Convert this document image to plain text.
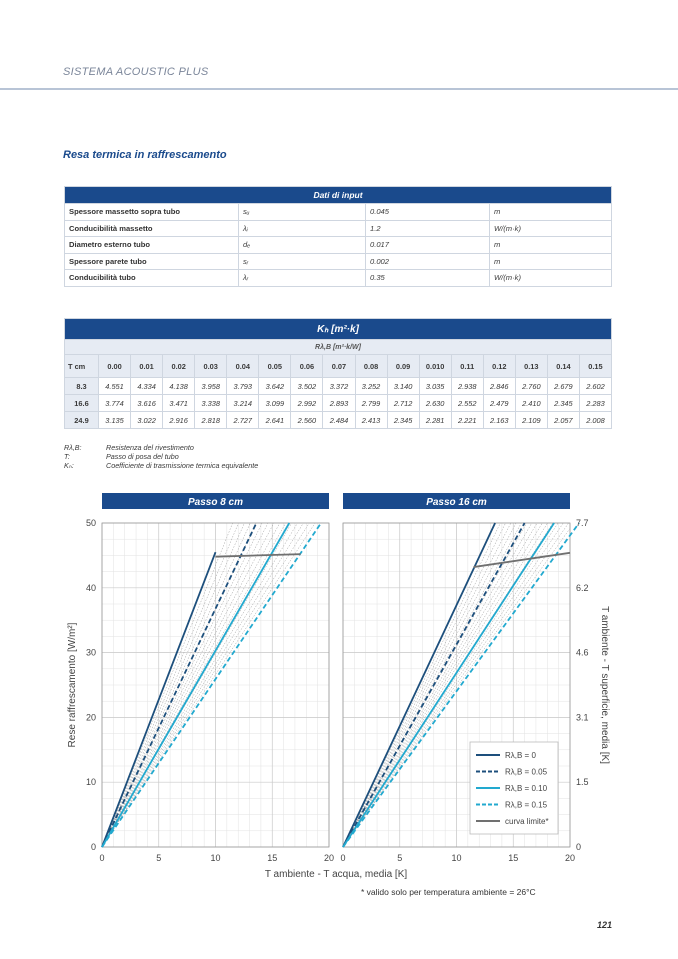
SISTEMA ACOUSTIC PLUS
Resa termica in raffrescamento
Dati di input			
Spessore massetto sopra tubo	sᵤ	0.045	m
Conducibilità massetto	λᵢ	1.2	W/(m·k)
Diametro esterno tubo	dₑ	0.017	m
Spessore parete tubo	sᵣ	0.002	m
Conducibilità tubo	λᵣ	0.35	W/(m·k)
Kₕ [m²·k]																
Rλ,B [m²·k/W]																
T cm	0.00	0.01	0.02	0.03	0.04	0.05	0.06	0.07	0.08	0.09	0.010	0.11	0.12	0.13	0.14	0.15
8.3	4.551	4.334	4.138	3.958	3.793	3.642	3.502	3.372	3.252	3.140	3.035	2.938	2.846	2.760	2.679	2.602
16.6	3.774	3.616	3.471	3.338	3.214	3.099	2.992	2.893	2.799	2.712	2.630	2.552	2.479	2.410	2.345	2.283
24.9	3.135	3.022	2.916	2.818	2.727	2.641	2.560	2.484	2.413	2.345	2.281	2.221	2.163	2.109	2.057	2.008
Rλ,B:	Resistenza del rivestimento
T:	Passo di posa del tubo
Kₕ:	Coefficiente di trasmissione termica equivalente
Passo 8 cm
0	5	10	15	20
0
10
20
30
40
50
Passo 16 cm
0	5	10	15	20
0
1.5
3.1
4.6
6.2
7.7
Rese raffrescamento [W/m²]	T ambiente - T superficie, media [K]
T ambiente - T acqua, media [K]
Rλ,B = 0
Rλ,B = 0.05
Rλ,B = 0.10
Rλ,B = 0.15
curva limite*
* valido solo per temperatura ambiente = 26°C
121
